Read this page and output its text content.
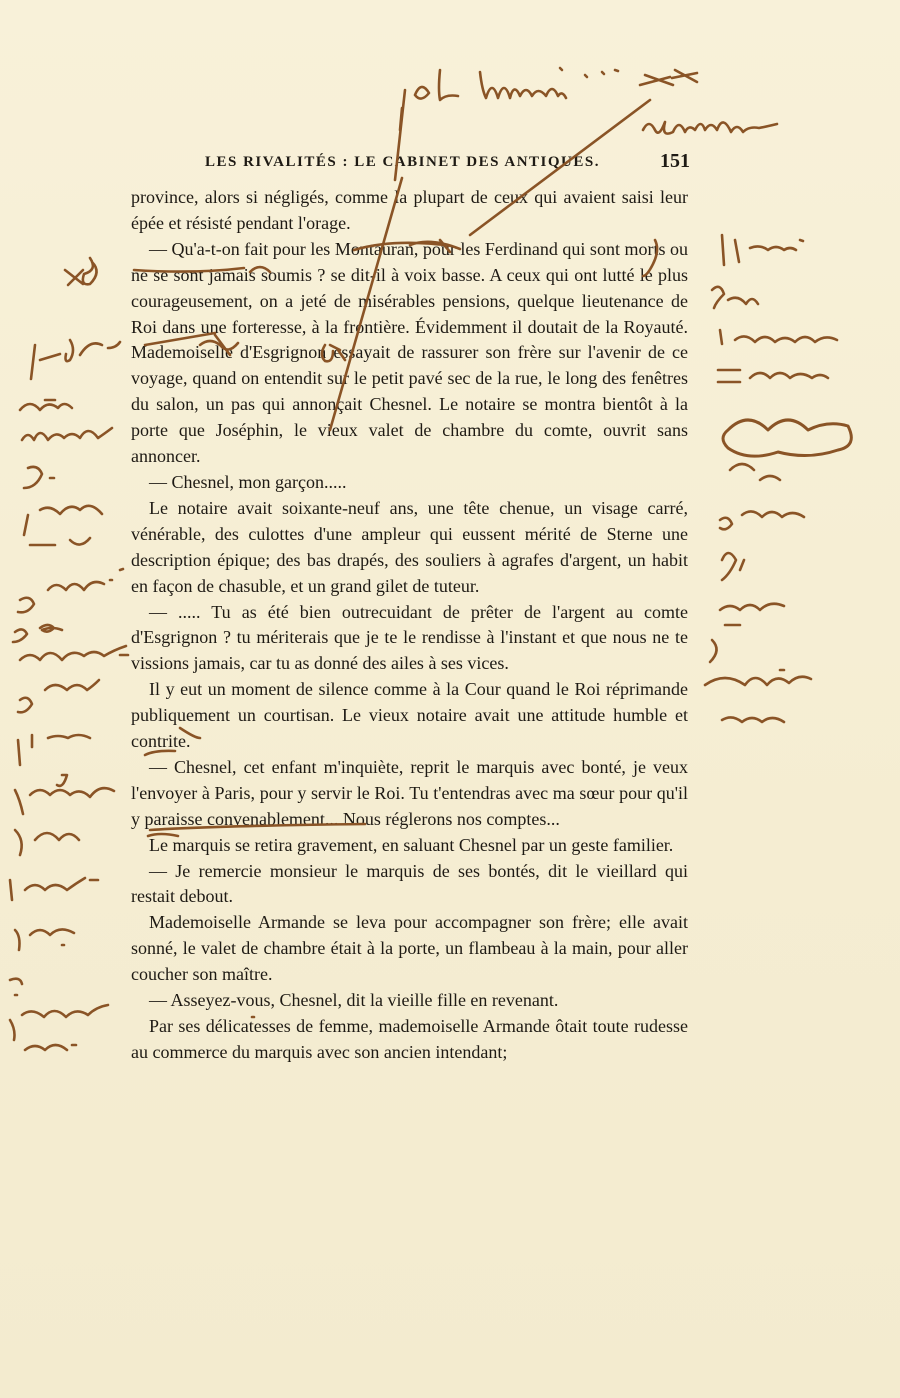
LES RIVALITÉS : LE CABINET DES ANTIQUES.	151

province, alors si négligés, comme la plupart de ceux qui avaient saisi leur épée et résisté pendant l'orage.

— Qu'a-t-on fait pour les Montauran, pour les Ferdinand qui sont morts ou ne se sont jamais soumis ? se dit-il à voix basse. A ceux qui ont lutté le plus courageusement, on a jeté de misérables pensions, quelque lieutenance de Roi dans une forteresse, à la frontière. Évidemment il doutait de la Royauté. Mademoiselle d'Esgrignon essayait de rassurer son frère sur l'avenir de ce voyage, quand on entendit sur le petit pavé sec de la rue, le long des fenêtres du salon, un pas qui annonçait Chesnel. Le notaire se montra bientôt à la porte que Joséphin, le vieux valet de chambre du comte, ouvrit sans annoncer.

— Chesnel, mon garçon.....

Le notaire avait soixante-neuf ans, une tête chenue, un visage carré, vénérable, des culottes d'une ampleur qui eussent mérité de Sterne une description épique; des bas drapés, des souliers à agrafes d'argent, un habit en façon de chasuble, et un grand gilet de tuteur.

— ..... Tu as été bien outrecuidant de prêter de l'argent au comte d'Esgrignon ? tu mériterais que je te le rendisse à l'instant et que nous ne te vissions jamais, car tu as donné des ailes à ses vices.

Il y eut un moment de silence comme à la Cour quand le Roi réprimande publiquement un courtisan. Le vieux notaire avait une attitude humble et contrite.

— Chesnel, cet enfant m'inquiète, reprit le marquis avec bonté, je veux l'envoyer à Paris, pour y servir le Roi. Tu t'entendras avec ma sœur pour qu'il y paraisse convenablement... Nous réglerons nos comptes...

Le marquis se retira gravement, en saluant Chesnel par un geste familier.

— Je remercie monsieur le marquis de ses bontés, dit le vieillard qui restait debout.

Mademoiselle Armande se leva pour accompagner son frère; elle avait sonné, le valet de chambre était à la porte, un flambeau à la main, pour aller coucher son maître.

— Asseyez-vous, Chesnel, dit la vieille fille en revenant.

Par ses délicatesses de femme, mademoiselle Armande ôtait toute rudesse au commerce du marquis avec son ancien intendant;
